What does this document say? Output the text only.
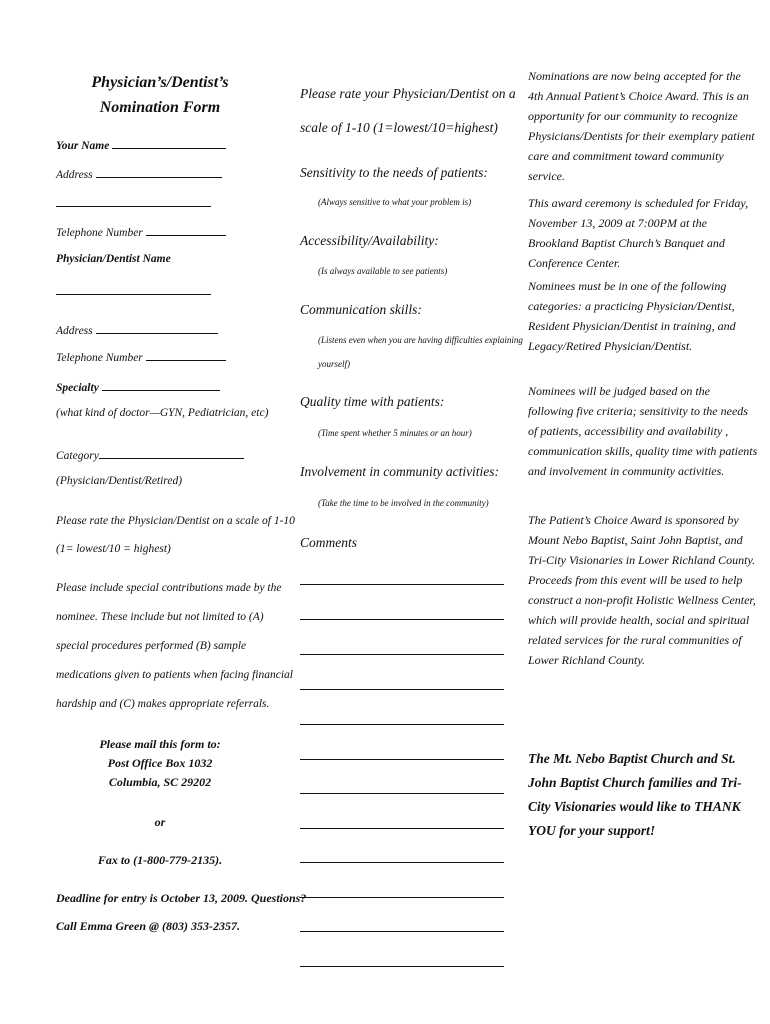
Physician’s/Dentist’s
Nomination Form
Your Name
Address
Telephone Number
Physician/Dentist Name
Address
Telephone Number
Specialty
(what kind of doctor—GYN, Pediatrician, etc)
Category
(Physician/Dentist/Retired)
Please rate the Physician/Dentist on a scale of 1-10
(1= lowest/10 = highest)
Please include special contributions made by the
nominee. These include but not limited to (A)
special procedures performed (B) sample
medications given to patients when facing financial
hardship and (C) makes appropriate referrals.
Please mail this form to:
Post Office Box 1032
Columbia, SC 29202
or
Fax to (1-800-779-2135).
Deadline for entry is October 13, 2009. Questions?
Call Emma Green @ (803) 353-2357.
Please rate your Physician/Dentist on a
scale of 1-10 (1=lowest/10=highest)
Sensitivity to the needs of patients:
(Always sensitive to what your problem is)
Accessibility/Availability:
(Is always available to see patients)
Communication skills:
(Listens even when you are having difficulties explaining
yourself)
Quality time with patients:
(Time spent whether 5 minutes or an hour)
Involvement in community activities:
(Take the time to be involved in the community)
Comments

Nominations are now being accepted for the 4th Annual Patient’s Choice Award. This is an opportunity for our community to recognize Physicians/Dentists for their exemplary patient care and commitment toward community service.

This award ceremony is scheduled for Friday, November 13, 2009 at 7:00PM at the Brookland Baptist Church’s Banquet and Conference Center.

Nominees must be in one of the following categories: a practicing Physician/Dentist, Resident Physician/Dentist in training, and Legacy/Retired Physician/Dentist.

Nominees will be judged based on the following five criteria; sensitivity to the needs of patients, accessibility and availability , communication skills, quality time with patients and involvement in community activities.

The Patient’s Choice Award is sponsored by Mount Nebo Baptist, Saint John Baptist, and Tri-City Visionaries in Lower Richland County. Proceeds from this event will be used to help construct a non-profit Holistic Wellness Center, which will provide health, social and spiritual related services for the rural communities of Lower Richland County.

The Mt. Nebo Baptist Church and St. John Baptist Church families and Tri-City Visionaries would like to THANK YOU for your support!
